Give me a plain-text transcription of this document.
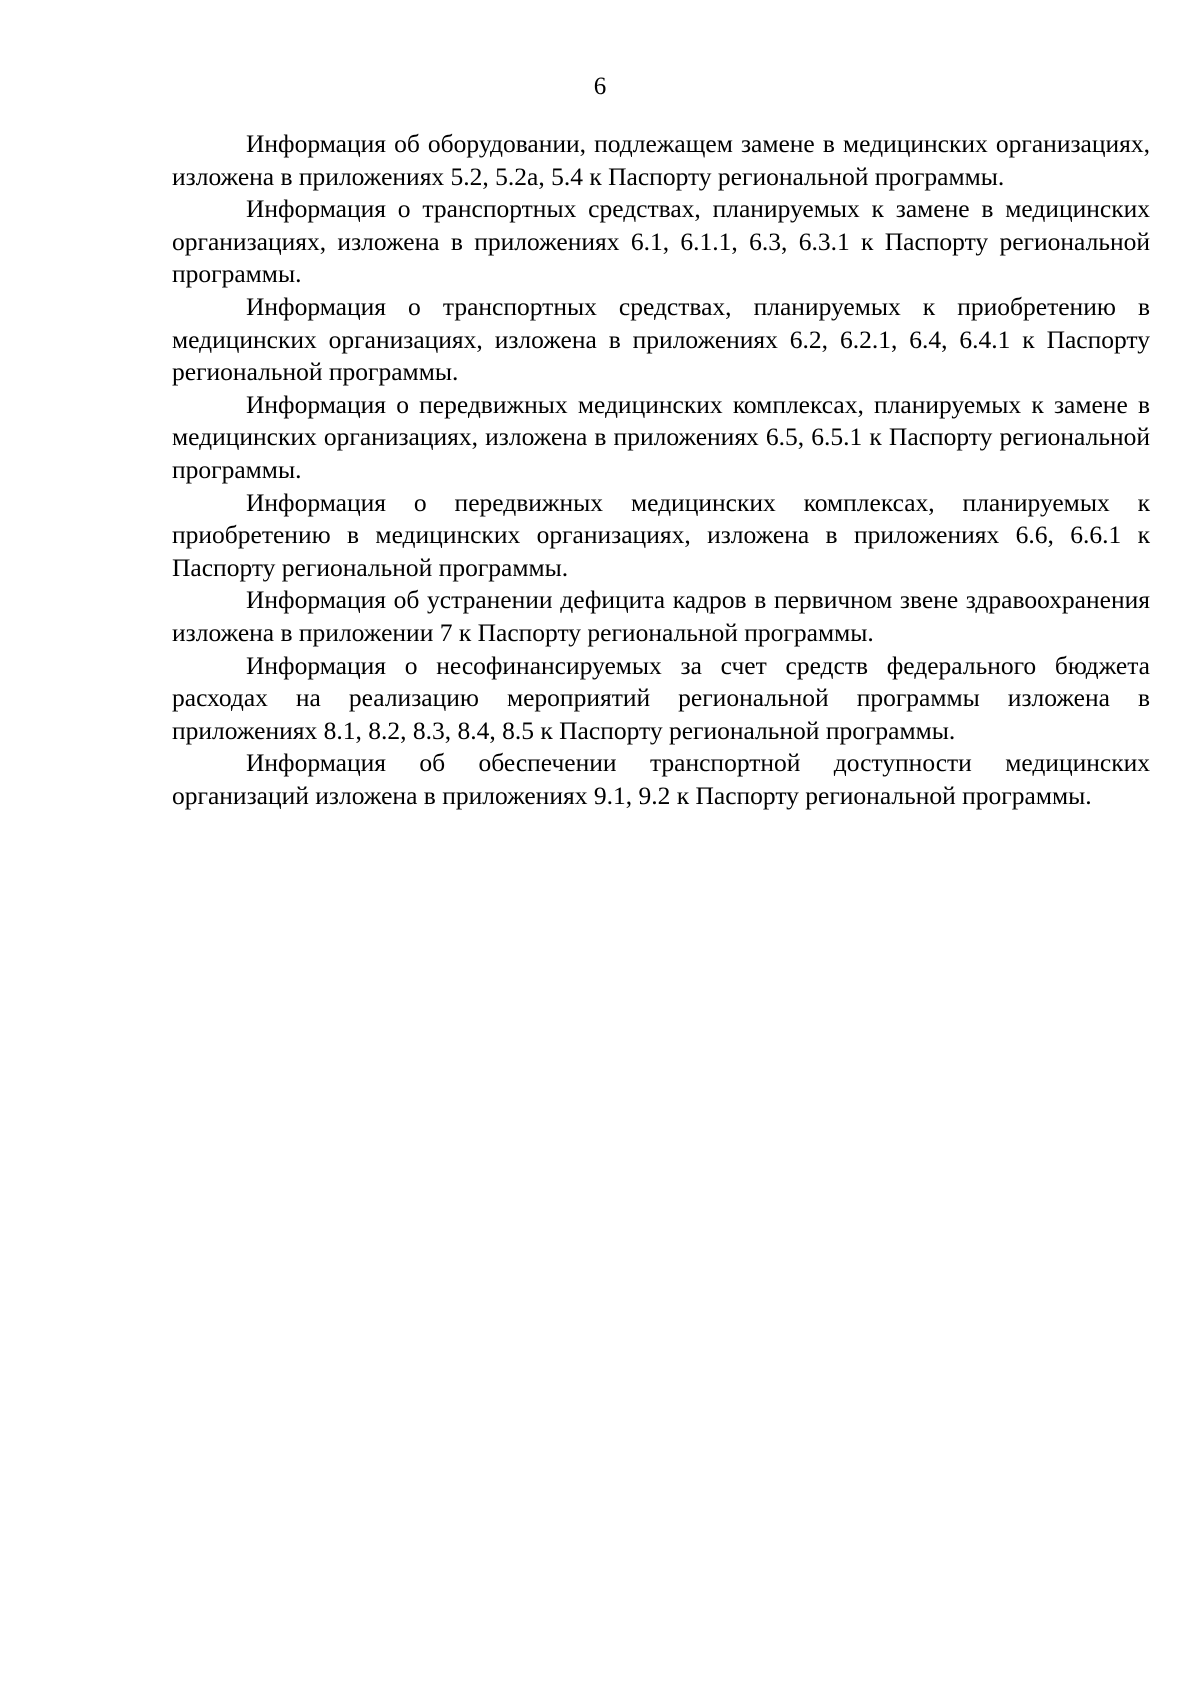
6

Информация об оборудовании, подлежащем замене в медицинских организациях, изложена в приложениях 5.2, 5.2а, 5.4 к Паспорту региональной программы.

Информация о транспортных средствах, планируемых к замене в медицинских организациях, изложена в приложениях 6.1, 6.1.1, 6.3, 6.3.1 к Паспорту региональной программы.

Информация о транспортных средствах, планируемых к приобретению в медицинских организациях, изложена в приложениях 6.2, 6.2.1, 6.4, 6.4.1 к Паспорту региональной программы.

Информация о передвижных медицинских комплексах, планируемых к замене в медицинских организациях, изложена в приложениях 6.5, 6.5.1 к Паспорту региональной программы.

Информация о передвижных медицинских комплексах, планируемых к приобретению в медицинских организациях, изложена в приложениях 6.6, 6.6.1 к Паспорту региональной программы.

Информация об устранении дефицита кадров в первичном звене здравоохранения изложена в приложении 7 к Паспорту региональной программы.

Информация о несофинансируемых за счет средств федерального бюджета расходах на реализацию мероприятий региональной программы изложена в приложениях 8.1, 8.2, 8.3, 8.4, 8.5 к Паспорту региональной программы.

Информация об обеспечении транспортной доступности медицинских организаций изложена в приложениях 9.1, 9.2 к Паспорту региональной программы.
